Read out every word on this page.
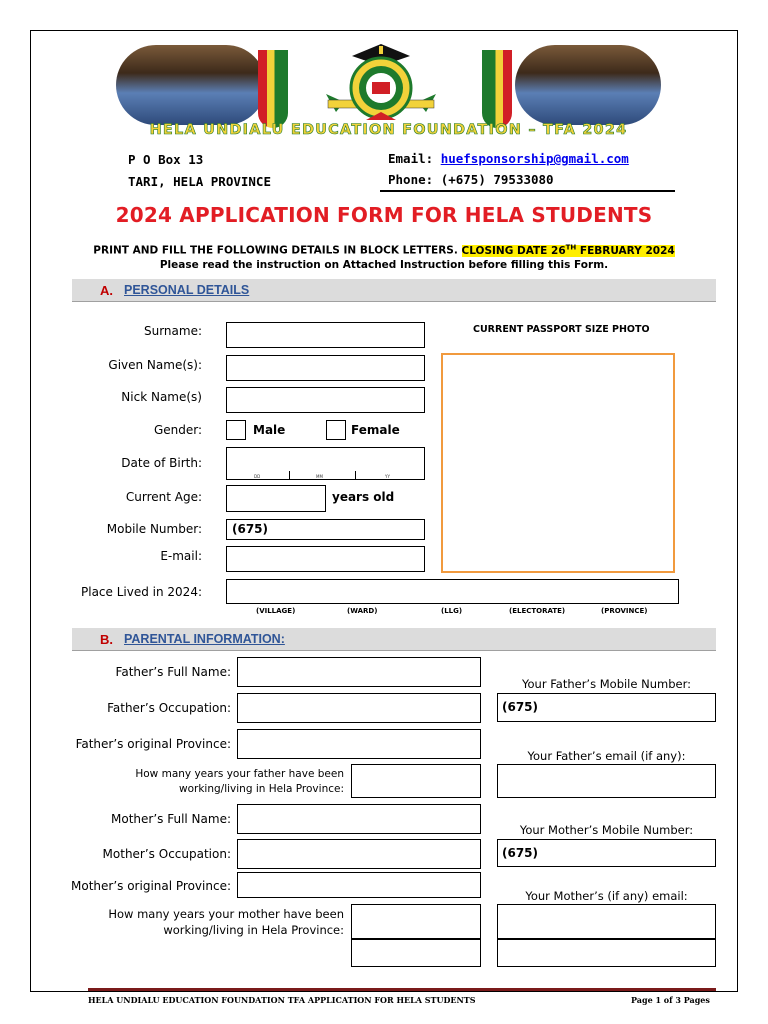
HELA UNDIALU EDUCATION FOUNDATION – TFA 2024
P O Box 13
TARI, HELA PROVINCE
Email: huefsponsorship@gmail.com
Phone: (+675) 79533080
2024 APPLICATION FORM FOR HELA STUDENTS
PRINT AND FILL THE FOLLOWING DETAILS IN BLOCK LETTERS. CLOSING DATE 26TH FEBRUARY 2024
Please read the instruction on Attached Instruction before filling this Form.
A. PERSONAL DETAILS
Surname:
Given Name(s):
Nick Name(s)
Gender:	Male	Female
Date of Birth:
DD	MM	YY
Current Age:	years old
Mobile Number:	(675)
E-mail:
CURRENT PASSPORT SIZE PHOTO
Place Lived in 2024:
(VILLAGE)	(WARD)	(LLG)	(ELECTORATE)	(PROVINCE)
B. PARENTAL INFORMATION:
Father’s Full Name:
Father’s Occupation:
Father’s original Province:
How many years your father have been
working/living in Hela Province:
Mother’s Full Name:
Mother’s Occupation:
Mother’s original Province:
How many years your mother have been
working/living in Hela Province:
Your Father’s Mobile Number:
(675)
Your Father’s email (if any):
Your Mother’s Mobile Number:
(675)
Your Mother’s (if any) email:
HELA UNDIALU EDUCATION FOUNDATION TFA APPLICATION FOR HELA STUDENTS	Page 1 of 3 Pages
